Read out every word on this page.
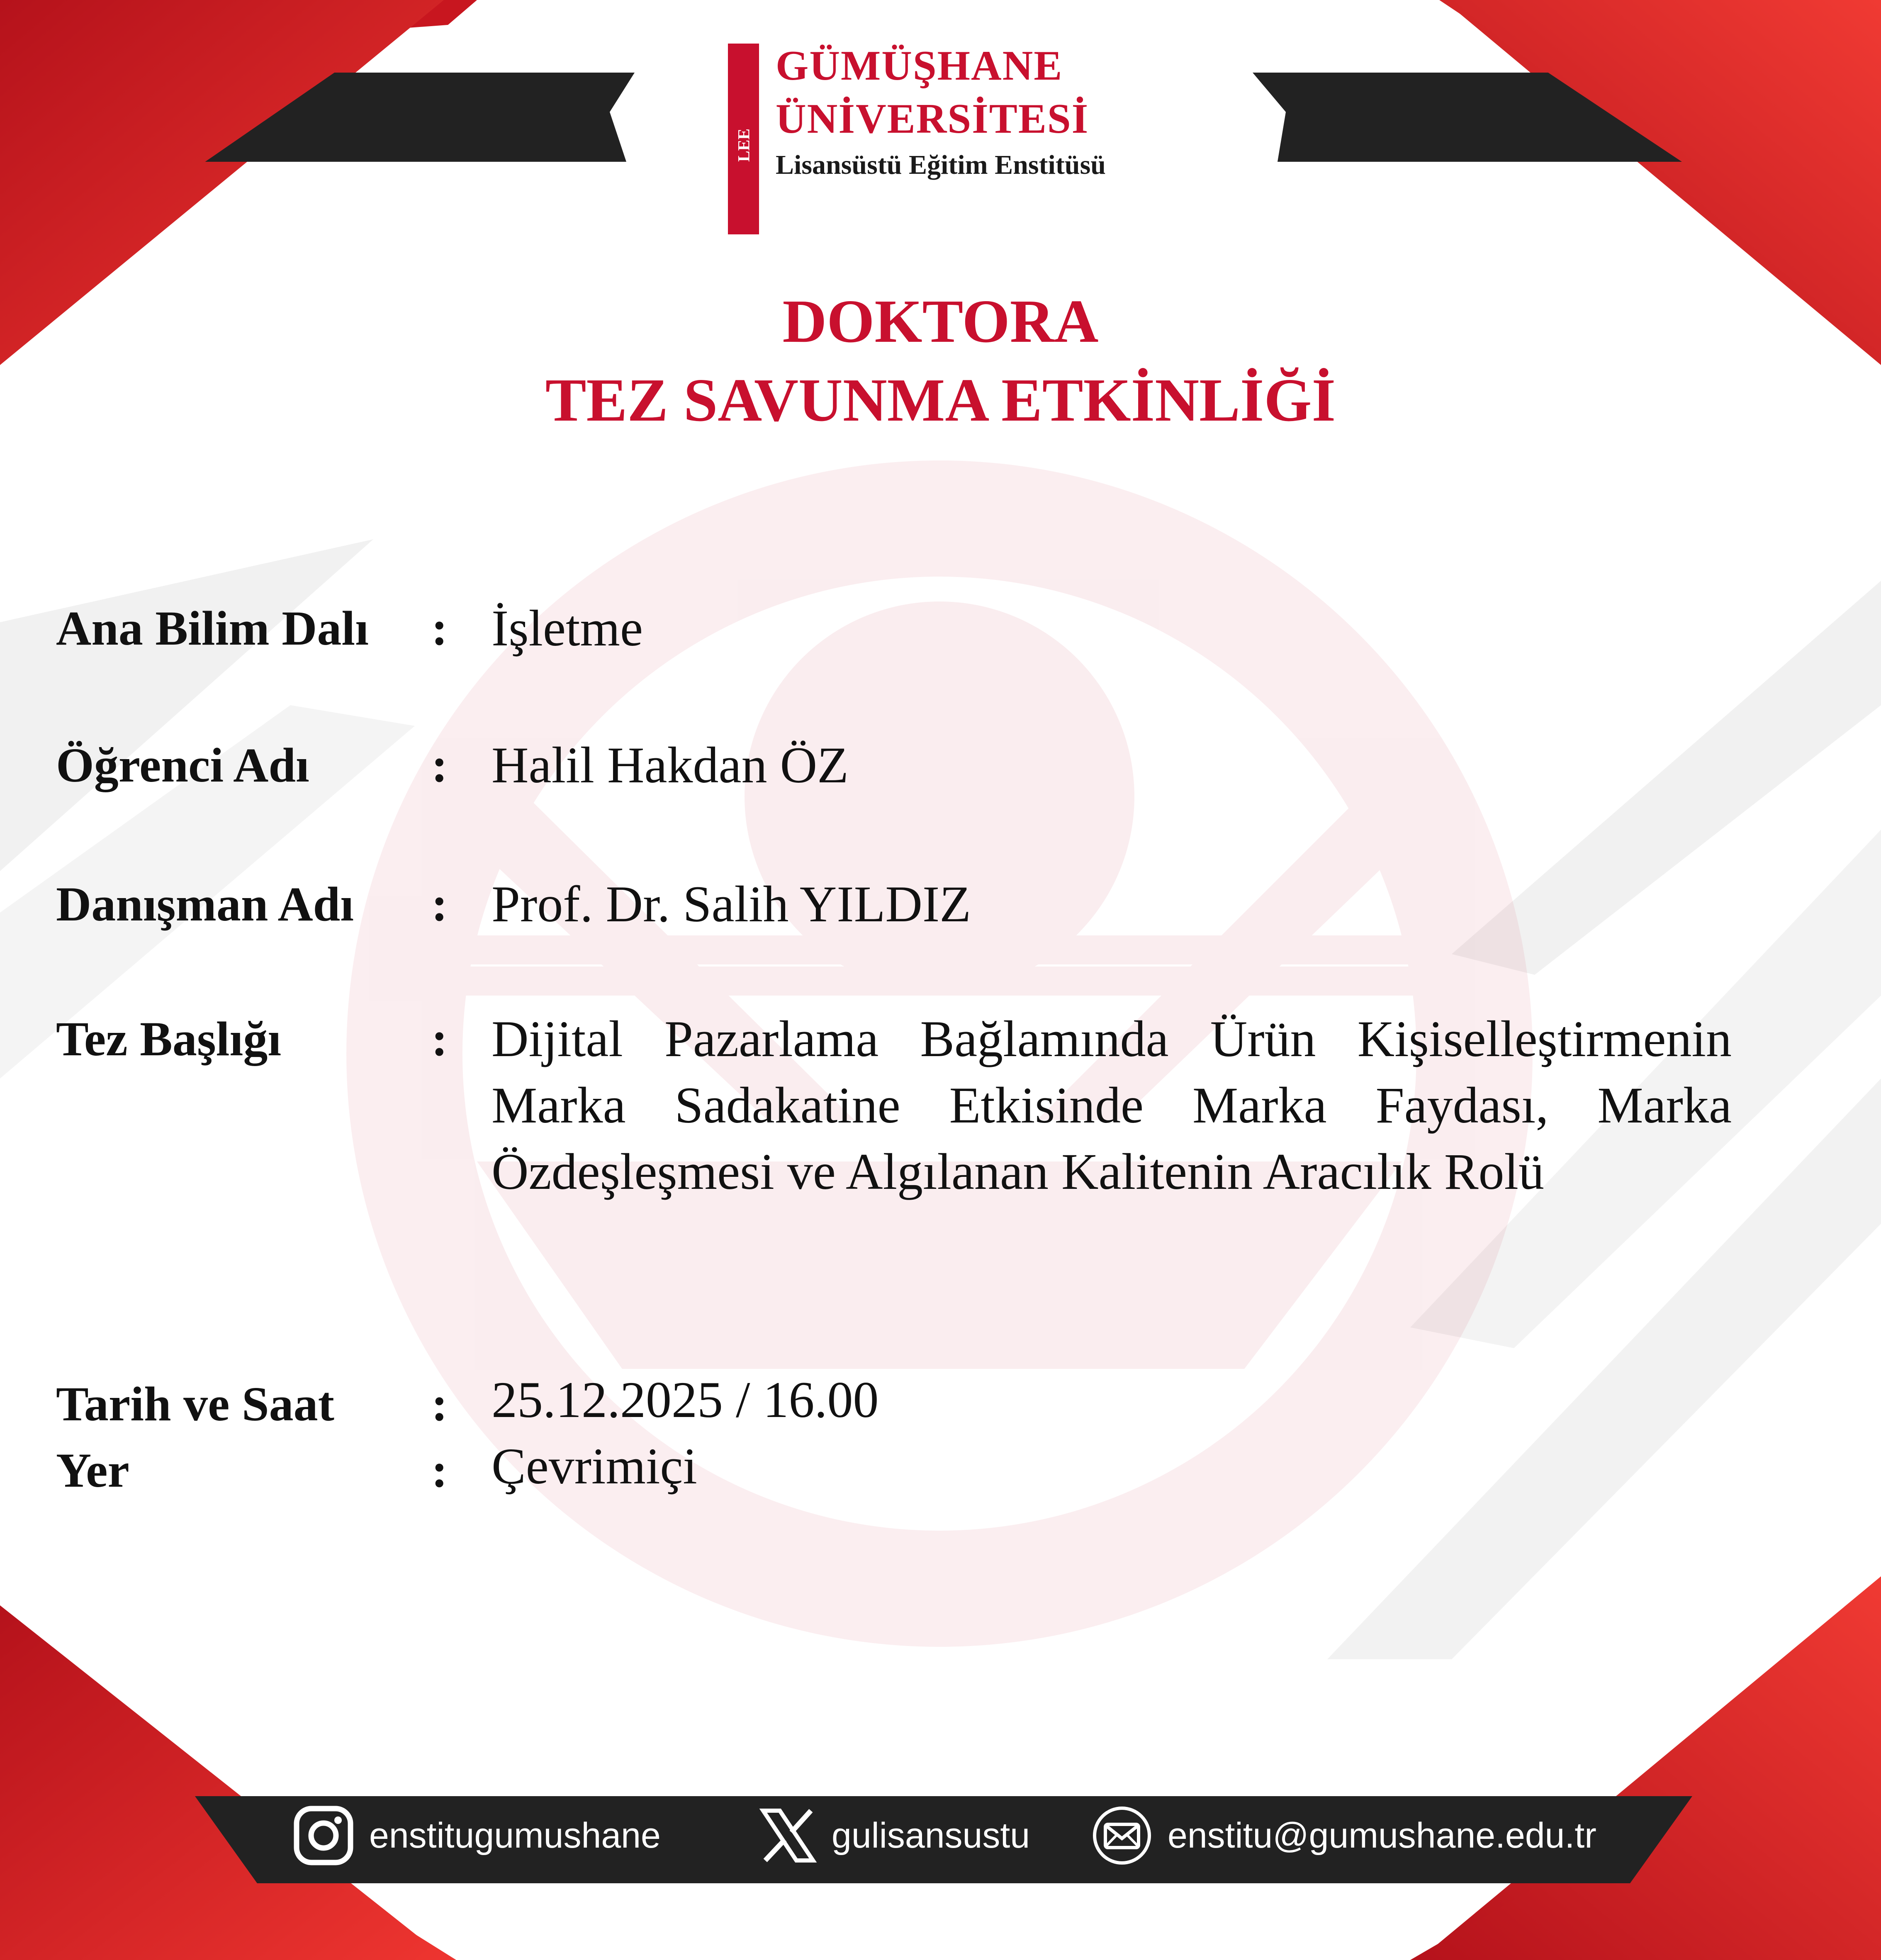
LEE
GÜMÜŞHANE
ÜNİVERSİTESİ
Lisansüstü Eğitim Enstitüsü
DOKTORA
TEZ SAVUNMA ETKİNLİĞİ
Ana Bilim Dalı : İşletme
Öğrenci Adı : Halil Hakdan ÖZ
Danışman Adı : Prof. Dr. Salih YILDIZ
Tez Başlığı	: Dijital Pazarlama Bağlamında Ürün Kişiselleştirmenin Marka Sadakatine Etkisinde Marka Faydası, Marka Özdeşleşmesi ve Algılanan Kalitenin Aracılık Rolü
Tarih ve Saat : 25.12.2025 / 16.00
Yer	: Çevrimiçi
enstitugumushane	gulisansustu	enstitu@gumushane.edu.tr
